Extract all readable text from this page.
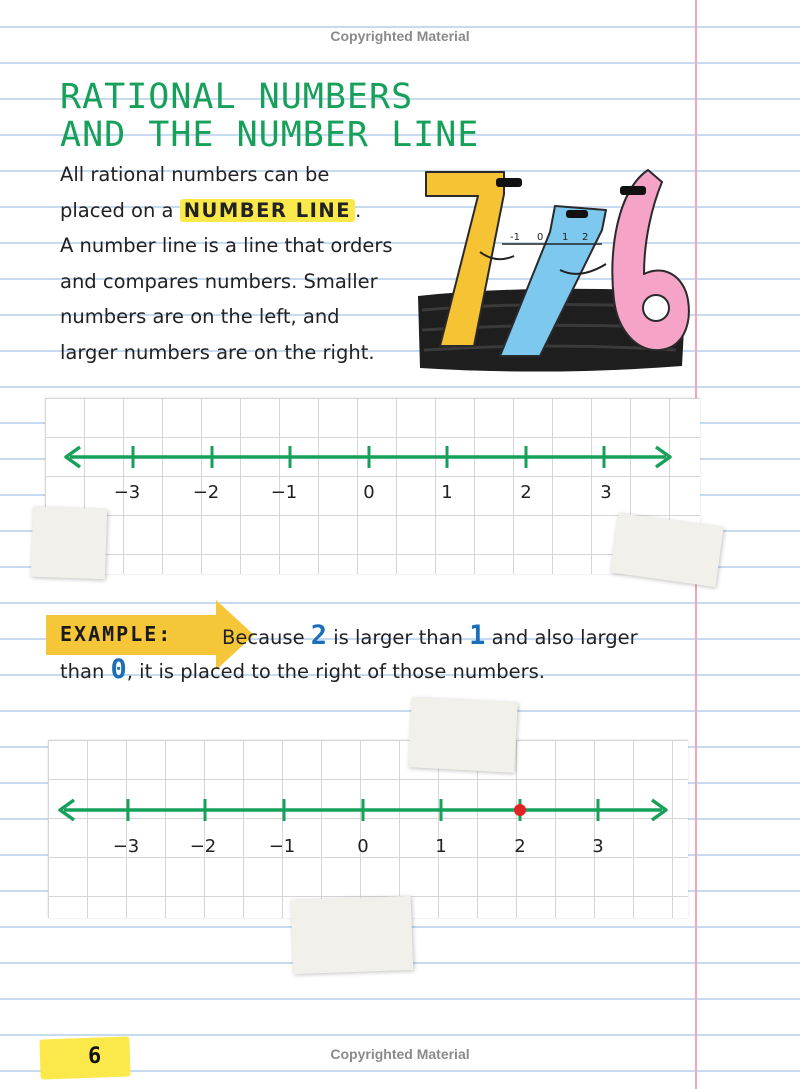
Copyrighted Material
RATIONAL NUMBERS
AND THE NUMBER LINE
All rational numbers can be
placed on a NUMBER LINE .
A number line is a line that orders
and compares numbers. Smaller
numbers are on the left, and
larger numbers are on the right.
-1 0 1 2
−3	−2	−1	0	1	2	3
EXAMPLE:	Because 2 is larger than 1 and also larger
than 0, it is placed to the right of those numbers.
−3	−2	−1	0	1	2	3
6	Copyrighted Material
